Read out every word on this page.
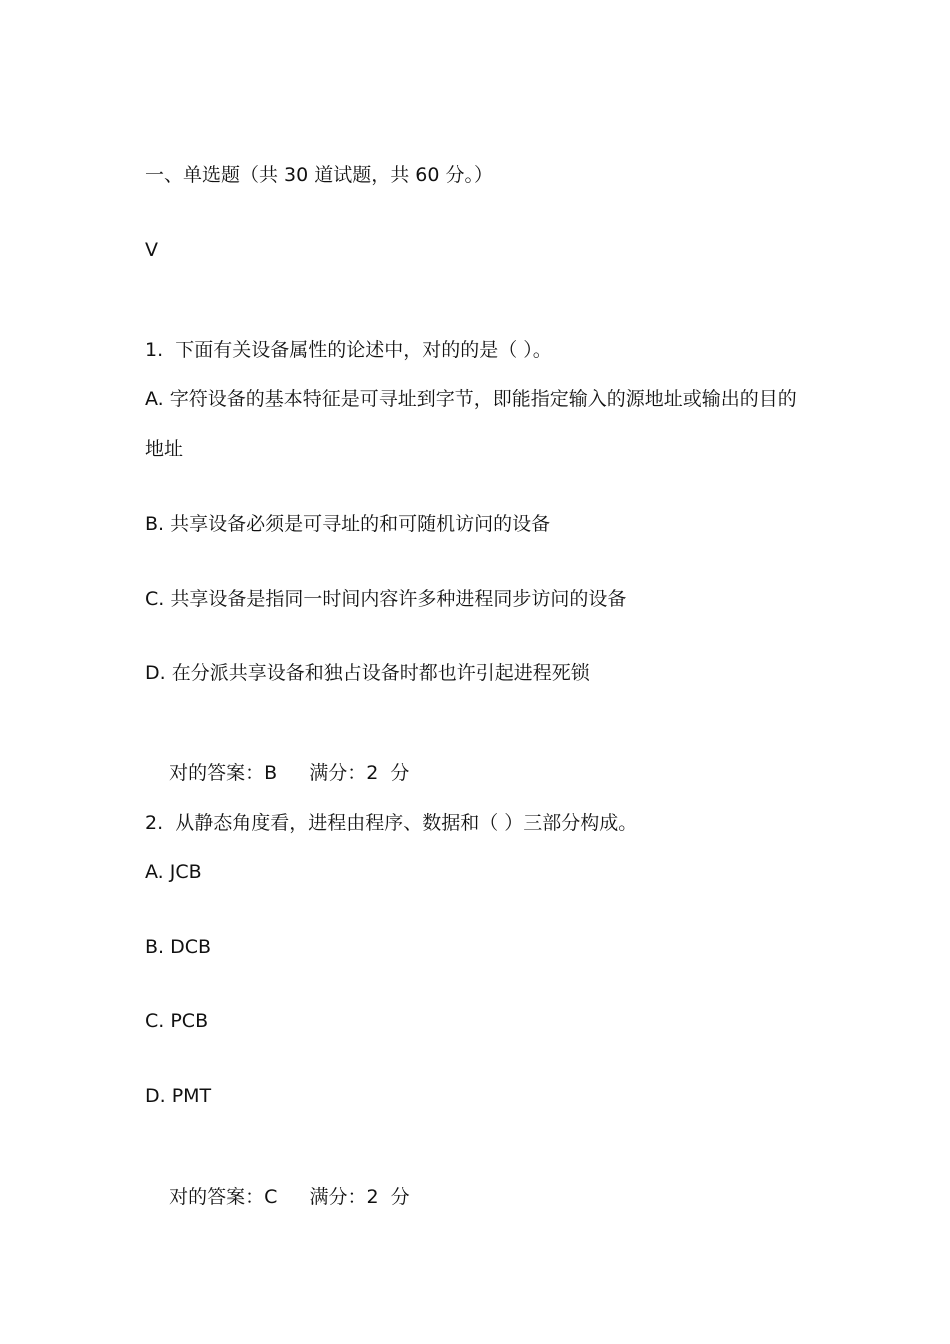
一、单选题（共 30 道试题，共 60 分。）
V
1.  下面有关设备属性的论述中，对的的是（ ）。
A. 字符设备的基本特征是可寻址到字节，即能指定输入的源地址或输出的目的
地址
B. 共享设备必须是可寻址的和可随机访问的设备
C. 共享设备是指同一时间内容许多种进程同步访问的设备
D. 在分派共享设备和独占设备时都也许引起进程死锁

对的答案：B 满分：2  分

2.  从静态角度看，进程由程序、数据和（ ）三部分构成。
A. JCB
B. DCB
C. PCB
D. PMT

对的答案：C 满分：2  分
